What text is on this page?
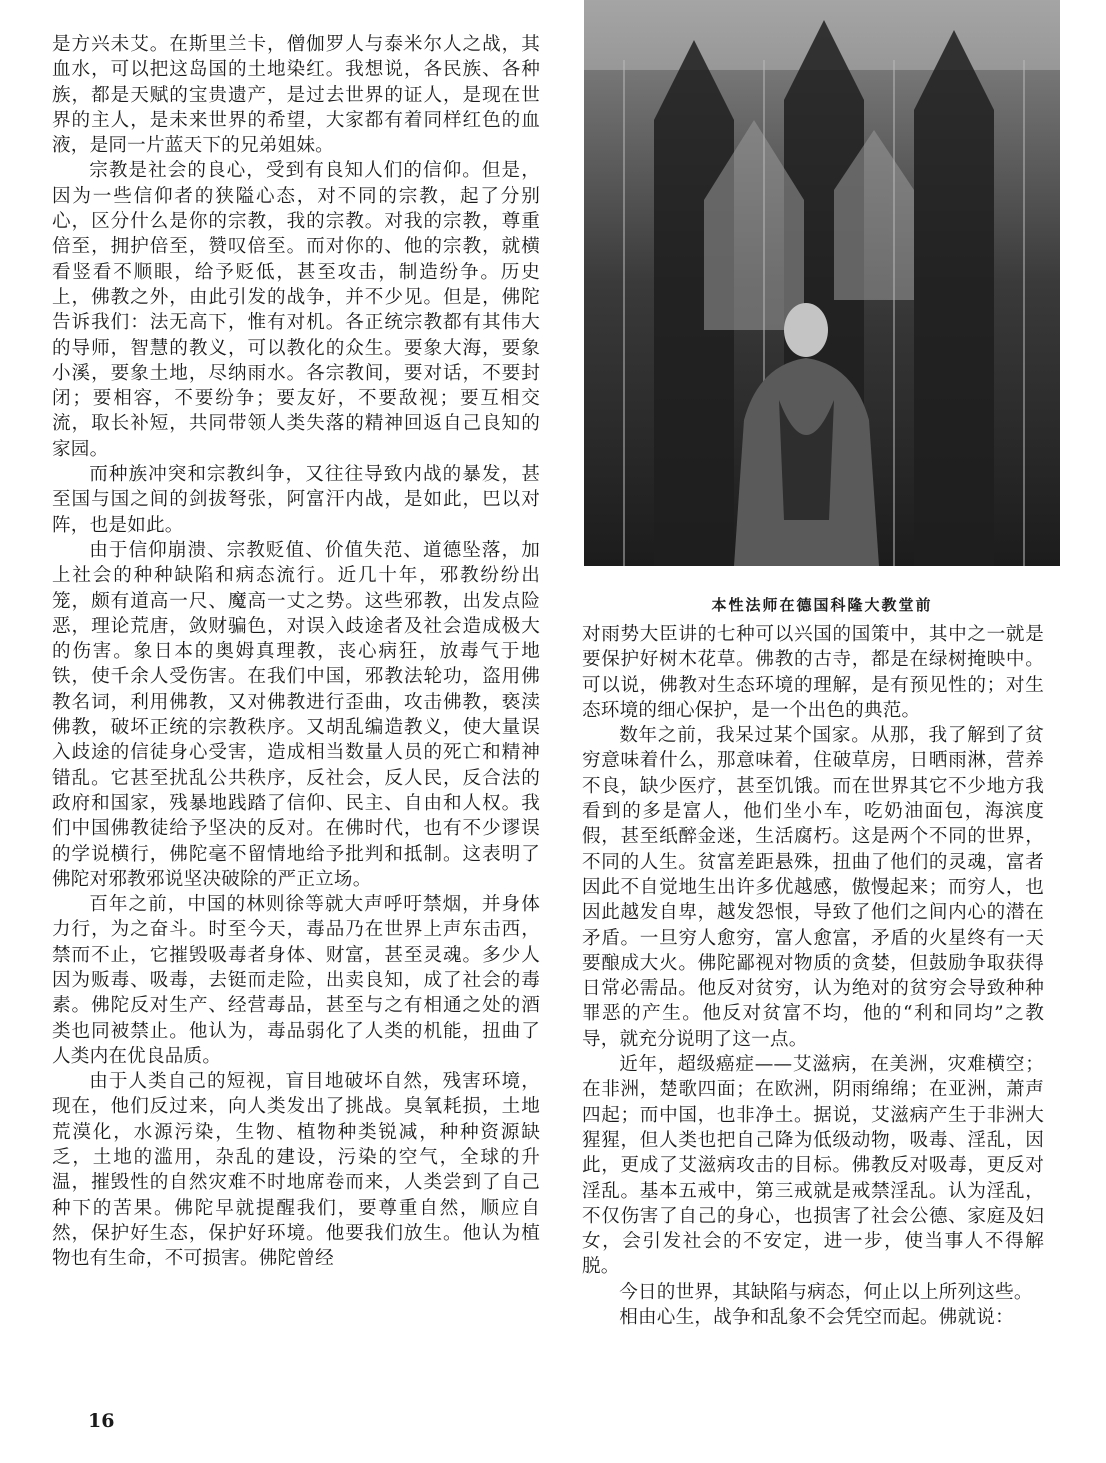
是方兴未艾。在斯里兰卡，僧伽罗人与泰米尔人之战，其血水，可以把这岛国的土地染红。我想说，各民族、各种族，都是天赋的宝贵遗产，是过去世界的证人，是现在世界的主人，是未来世界的希望，大家都有着同样红色的血液，是同一片蓝天下的兄弟姐妹。

宗教是社会的良心，受到有良知人们的信仰。但是，因为一些信仰者的狭隘心态，对不同的宗教，起了分别心，区分什么是你的宗教，我的宗教。对我的宗教，尊重倍至，拥护倍至，赞叹倍至。而对你的、他的宗教，就横看竖看不顺眼，给予贬低，甚至攻击，制造纷争。历史上，佛教之外，由此引发的战争，并不少见。但是，佛陀告诉我们：法无高下，惟有对机。各正统宗教都有其伟大的导师，智慧的教义，可以教化的众生。要象大海，要象小溪，要象土地，尽纳雨水。各宗教间，要对话，不要封闭；要相容，不要纷争；要友好，不要敌视；要互相交流，取长补短，共同带领人类失落的精神回返自己良知的家园。

而种族冲突和宗教纠争，又往往导致内战的暴发，甚至国与国之间的剑拔弩张，阿富汗内战，是如此，巴以对阵，也是如此。

由于信仰崩溃、宗教贬值、价值失范、道德坠落，加上社会的种种缺陷和病态流行。近几十年，邪教纷纷出笼，颇有道高一尺、魔高一丈之势。这些邪教，出发点险恶，理论荒唐，敛财骗色，对误入歧途者及社会造成极大的伤害。象日本的奥姆真理教，丧心病狂，放毒气于地铁，使千余人受伤害。在我们中国，邪教法轮功，盗用佛教名词，利用佛教，又对佛教进行歪曲，攻击佛教，亵渎佛教，破坏正统的宗教秩序。又胡乱编造教义，使大量误入歧途的信徒身心受害，造成相当数量人员的死亡和精神错乱。它甚至扰乱公共秩序，反社会，反人民，反合法的政府和国家，残暴地践踏了信仰、民主、自由和人权。我们中国佛教徒给予坚决的反对。在佛时代，也有不少谬误的学说横行，佛陀毫不留情地给予批判和抵制。这表明了佛陀对邪教邪说坚决破除的严正立场。

百年之前，中国的林则徐等就大声呼吁禁烟，并身体力行，为之奋斗。时至今天，毒品乃在世界上声东击西，禁而不止，它摧毁吸毒者身体、财富，甚至灵魂。多少人因为贩毒、吸毒，去铤而走险，出卖良知，成了社会的毒素。佛陀反对生产、经营毒品，甚至与之有相通之处的酒类也同被禁止。他认为，毒品弱化了人类的机能，扭曲了人类内在优良品质。

由于人类自己的短视，盲目地破坏自然，残害环境，现在，他们反过来，向人类发出了挑战。臭氧耗损，土地荒漠化，水源污染，生物、植物种类锐减，种种资源缺乏，土地的滥用，杂乱的建设，污染的空气，全球的升温，摧毁性的自然灾难不时地席卷而来，人类尝到了自己种下的苦果。佛陀早就提醒我们，要尊重自然，顺应自然，保护好生态，保护好环境。他要我们放生。他认为植物也有生命，不可损害。佛陀曾经

本性法师在德国科隆大教堂前

对雨势大臣讲的七种可以兴国的国策中，其中之一就是要保护好树木花草。佛教的古寺，都是在绿树掩映中。可以说，佛教对生态环境的理解，是有预见性的；对生态环境的细心保护，是一个出色的典范。

数年之前，我呆过某个国家。从那，我了解到了贫穷意味着什么，那意味着，住破草房，日晒雨淋，营养不良，缺少医疗，甚至饥饿。而在世界其它不少地方我看到的多是富人，他们坐小车，吃奶油面包，海滨度假，甚至纸醉金迷，生活腐朽。这是两个不同的世界，不同的人生。贫富差距悬殊，扭曲了他们的灵魂，富者因此不自觉地生出许多优越感，傲慢起来；而穷人，也因此越发自卑，越发怨恨，导致了他们之间内心的潜在矛盾。一旦穷人愈穷，富人愈富，矛盾的火星终有一天要酿成大火。佛陀鄙视对物质的贪婪，但鼓励争取获得日常必需品。他反对贫穷，认为绝对的贫穷会导致种种罪恶的产生。他反对贫富不均，他的“利和同均”之教导，就充分说明了这一点。

近年，超级癌症——艾滋病，在美洲，灾难横空；在非洲，楚歌四面；在欧洲，阴雨绵绵；在亚洲，萧声四起；而中国，也非净土。据说，艾滋病产生于非洲大猩猩，但人类也把自己降为低级动物，吸毒、淫乱，因此，更成了艾滋病攻击的目标。佛教反对吸毒，更反对淫乱。基本五戒中，第三戒就是戒禁淫乱。认为淫乱，不仅伤害了自己的身心，也损害了社会公德、家庭及妇女，会引发社会的不安定，进一步，使当事人不得解脱。

今日的世界，其缺陷与病态，何止以上所列这些。

相由心生，战争和乱象不会凭空而起。佛就说：

16
